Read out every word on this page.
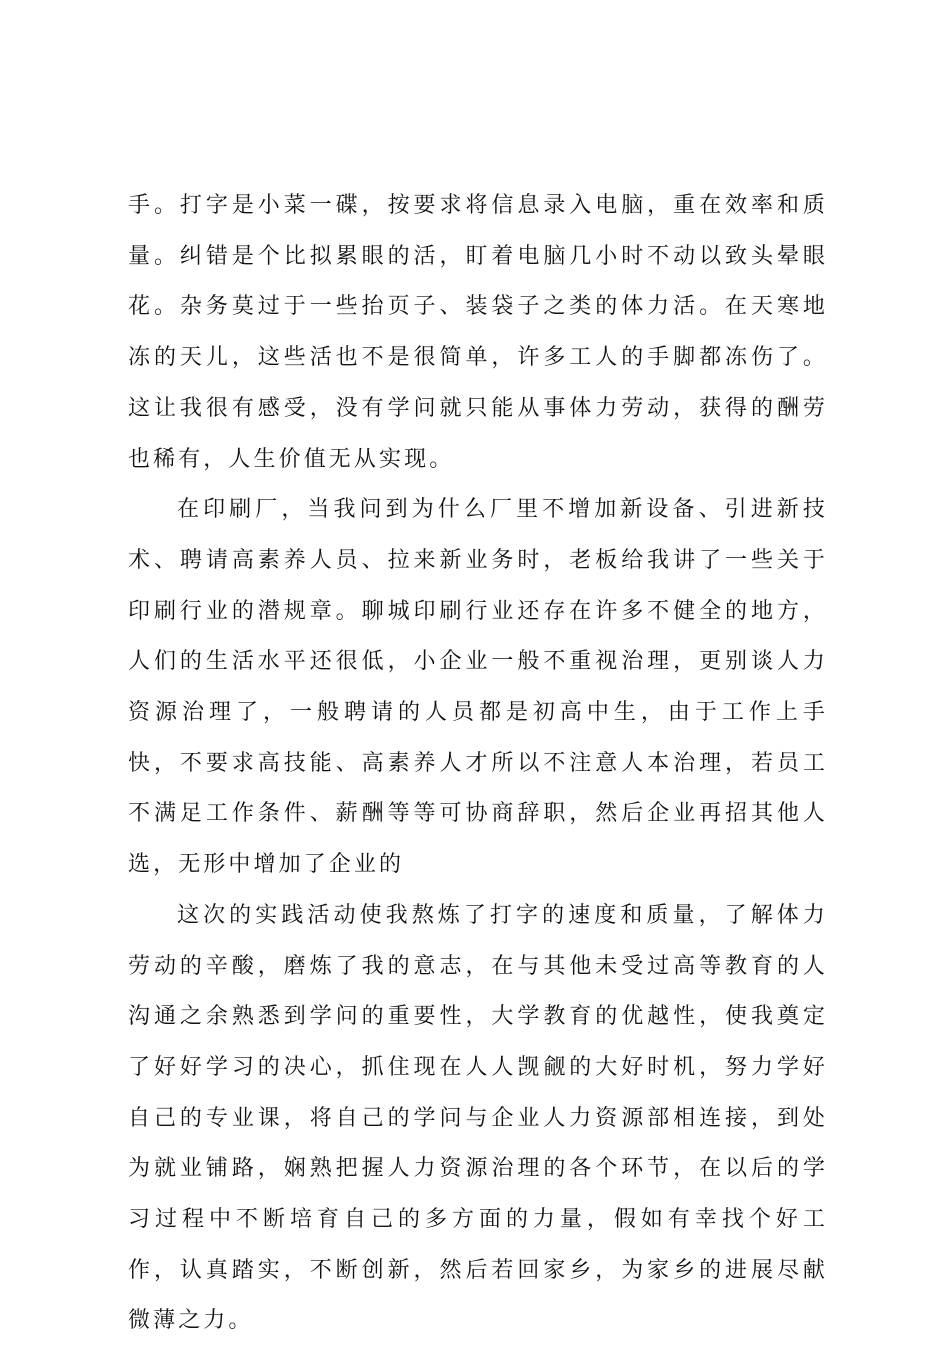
手。打字是小菜一碟，按要求将信息录入电脑，重在效率和质量。纠错是个比拟累眼的活，盯着电脑几小时不动以致头晕眼花。杂务莫过于一些抬页子、装袋子之类的体力活。在天寒地冻的天儿，这些活也不是很简单，许多工人的手脚都冻伤了。这让我很有感受，没有学问就只能从事体力劳动，获得的酬劳也稀有，人生价值无从实现。

在印刷厂，当我问到为什么厂里不增加新设备、引进新技术、聘请高素养人员、拉来新业务时，老板给我讲了一些关于印刷行业的潜规章。聊城印刷行业还存在许多不健全的地方，人们的生活水平还很低，小企业一般不重视治理，更别谈人力资源治理了，一般聘请的人员都是初高中生，由于工作上手快，不要求高技能、高素养人才所以不注意人本治理，若员工不满足工作条件、薪酬等等可协商辞职，然后企业再招其他人选，无形中增加了企业的

这次的实践活动使我熬炼了打字的速度和质量，了解体力劳动的辛酸，磨炼了我的意志，在与其他未受过高等教育的人沟通之余熟悉到学问的重要性，大学教育的优越性，使我奠定了好好学习的决心，抓住现在人人觊觎的大好时机，努力学好自己的专业课，将自己的学问与企业人力资源部相连接，到处为就业铺路，娴熟把握人力资源治理的各个环节，在以后的学习过程中不断培育自己的多方面的力量，假如有幸找个好工作，认真踏实，不断创新，然后若回家乡，为家乡的进展尽献微薄之力。
